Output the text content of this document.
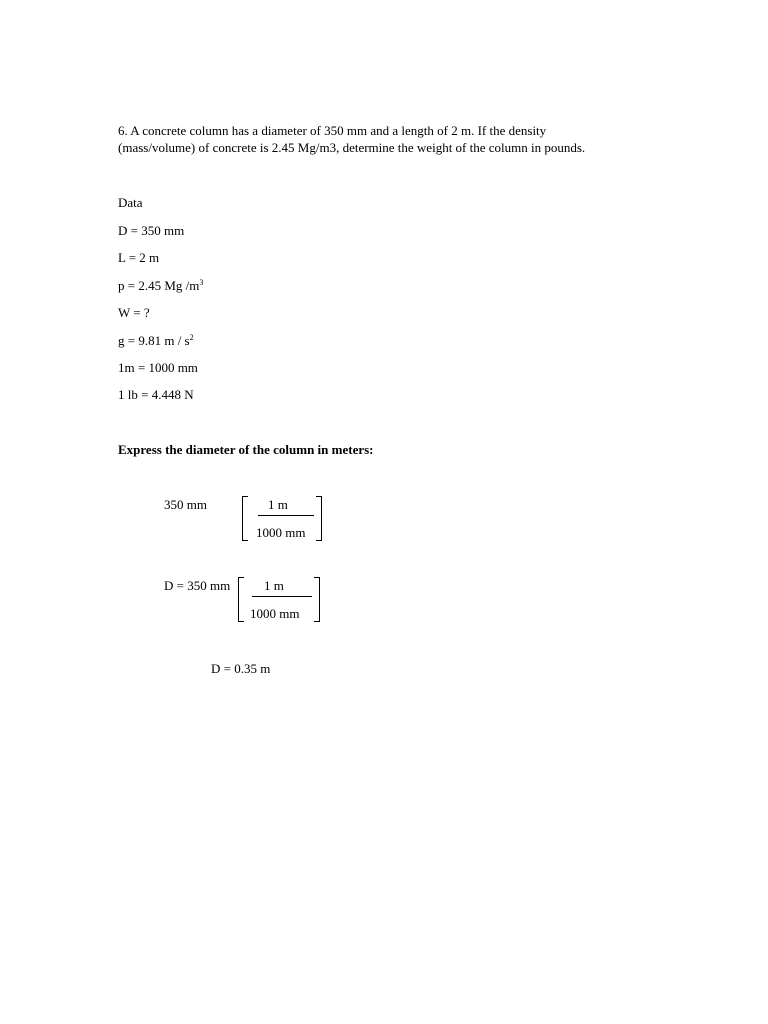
6. A concrete column has a diameter of 350 mm and a length of 2 m. If the density
(mass/volume) of concrete is 2.45 Mg/m3, determine the weight of the column in pounds.
Data
D = 350 mm
L = 2 m
p = 2.45 Mg $/m^3$
W = ?
g = 9.81 m / $s^2$
1m = 1000 mm
1 lb = 4.448 N
Express the diameter of the column in meters:
350 mm	1 m
1000 mm
D = 350 mm	1 m
1000 mm
D = 0.35 m
